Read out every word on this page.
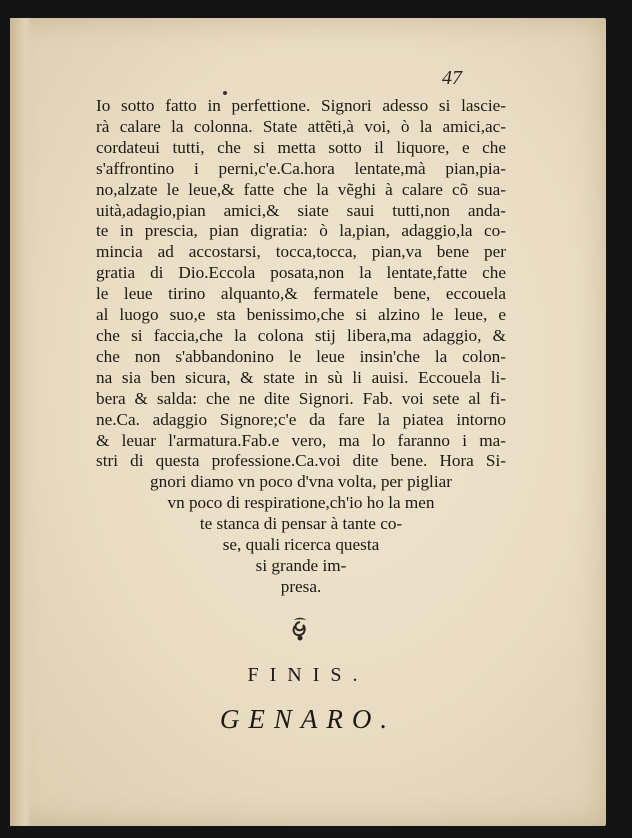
47
Io sotto fatto in perfettione. Signori adesso si lascie-
rà calare la colonna. State attẽti,à voi, ò la amici,ac-
cordateui tutti, che si metta sotto il liquore, e che
s'affrontino i perni,c'e.Ca.hora lentate,mà pian,pia-
no,alzate le leue,& fatte che la vẽghi à calare cõ sua-
uità,adagio,pian amici,& siate saui tutti,non anda-
te in prescia, pian digratia: ò la,pian, adaggio,la co-
mincia ad accostarsi, tocca,tocca, pian,va bene per
gratia di Dio.Eccola posata,non la lentate,fatte che
le leue tirino alquanto,& fermatele bene, eccouela
al luogo suo,e sta benissimo,che si alzino le leue, e
che si faccia,che la colona stij libera,ma adaggio, &
che non s'abbandonino le leue insin'che la colon-
na sia ben sicura, & state in sù li auisi. Eccouela li-
bera & salda: che ne dite Signori. Fab. voi sete al fi-
ne.Ca. adaggio Signore;c'e da fare la piatea intorno
& leuar l'armatura.Fab.e vero, ma lo faranno i ma-
stri di questa professione.Ca.voi dite bene. Hora Si-
gnori diamo vn poco d'vna volta, per pigliar
vn poco di respiratione,ch'io ho la men
te stanca di pensar à tante co-
se, quali ricerca questa
si grande im-
presa.
FINIS.
GENARO.
